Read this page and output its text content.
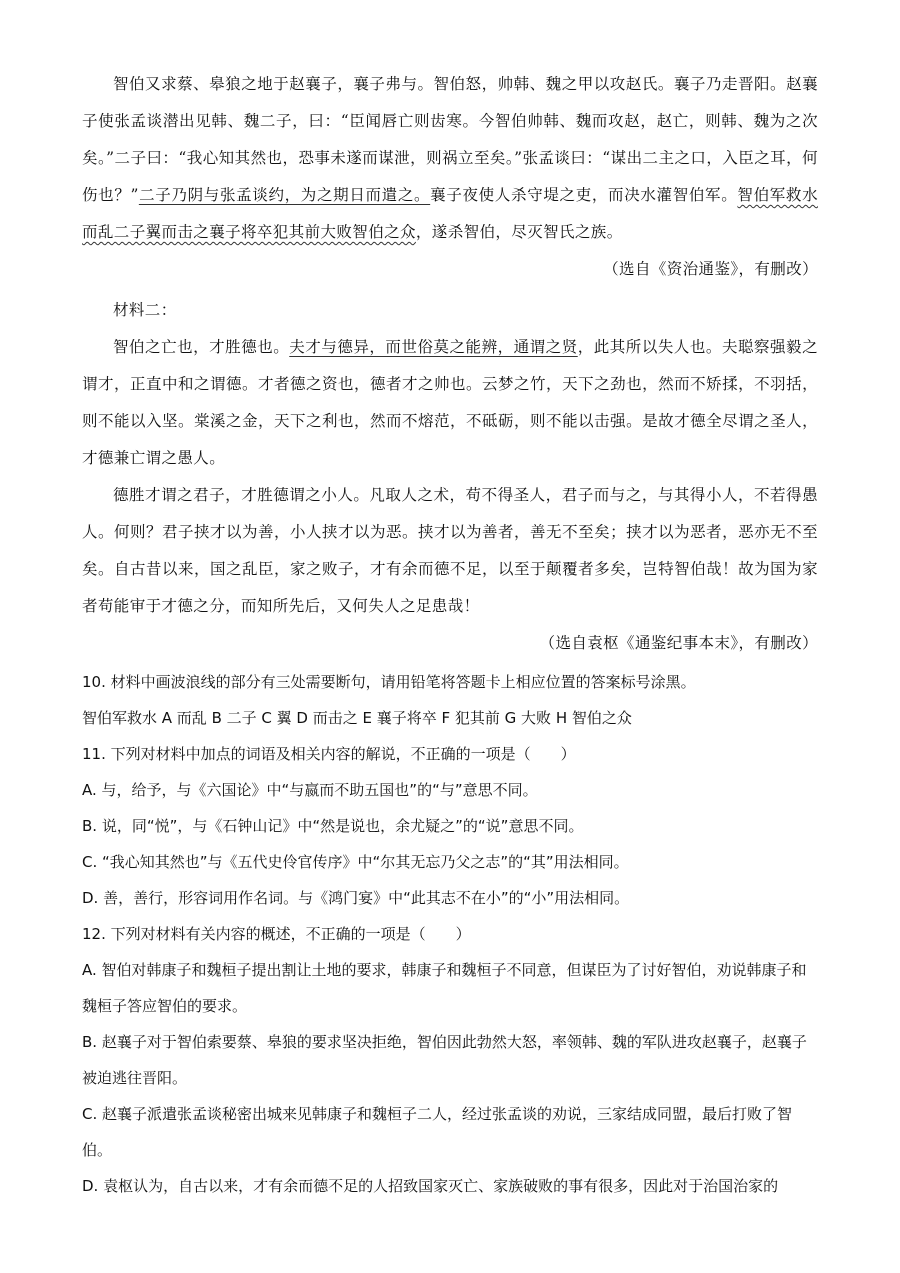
智伯又求蔡、皋狼之地于赵襄子，襄子弗与。智伯怒，帅韩、魏之甲以攻赵氏。襄子乃走晋阳。赵襄子使张孟谈潜出见韩、魏二子，曰：“臣闻唇亡则齿寒。今智伯帅韩、魏而攻赵，赵亡，则韩、魏为之次矣。”二子曰：“我心知其然也，恐事未遂而谋泄，则祸立至矣。”张孟谈曰：“谋出二主之口，入臣之耳，何伤也？”二子乃阴与张孟谈约，为之期日而遣之。襄子夜使人杀守堤之吏，而决水灌智伯军。智伯军救水而乱二子翼而击之襄子将卒犯其前大败智伯之众，遂杀智伯，尽灭智氏之族。

（选自《资治通鉴》，有删改）

材料二：

智伯之亡也，才胜德也。夫才与德异，而世俗莫之能辨，通谓之贤，此其所以失人也。夫聪察强毅之谓才，正直中和之谓德。才者德之资也，德者才之帅也。云梦之竹，天下之劲也，然而不矫揉，不羽括，则不能以入坚。棠溪之金，天下之利也，然而不熔范，不砥砺，则不能以击强。是故才德全尽谓之圣人，才德兼亡谓之愚人。

德胜才谓之君子，才胜德谓之小人。凡取人之术，苟不得圣人，君子而与之，与其得小人，不若得愚人。何则？君子挟才以为善，小人挟才以为恶。挟才以为善者，善无不至矣；挟才以为恶者，恶亦无不至矣。自古昔以来，国之乱臣，家之败子，才有余而德不足，以至于颠覆者多矣，岂特智伯哉！故为国为家者苟能审于才德之分，而知所先后，又何失人之足患哉！

（选自袁枢《通鉴纪事本末》，有删改）

10. 材料中画波浪线的部分有三处需要断句，请用铅笔将答题卡上相应位置的答案标号涂黑。

智伯军救水 A 而乱 B 二子 C 翼 D 而击之 E 襄子将卒 F 犯其前 G 大败 H 智伯之众

11. 下列对材料中加点的词语及相关内容的解说，不正确的一项是（　　）

A. 与，给予，与《六国论》中“与嬴而不助五国也”的“与”意思不同。

B. 说，同“悦”，与《石钟山记》中“然是说也，余尤疑之”的“说”意思不同。

C. “我心知其然也”与《五代史伶官传序》中“尔其无忘乃父之志”的“其”用法相同。

D. 善，善行，形容词用作名词。与《鸿门宴》中“此其志不在小”的“小”用法相同。

12. 下列对材料有关内容的概述，不正确的一项是（　　）

A. 智伯对韩康子和魏桓子提出割让土地的要求，韩康子和魏桓子不同意，但谋臣为了讨好智伯，劝说韩康子和魏桓子答应智伯的要求。

B. 赵襄子对于智伯索要蔡、皋狼的要求坚决拒绝，智伯因此勃然大怒，率领韩、魏的军队进攻赵襄子，赵襄子被迫逃往晋阳。

C. 赵襄子派遣张孟谈秘密出城来见韩康子和魏桓子二人，经过张孟谈的劝说，三家结成同盟，最后打败了智伯。

D. 袁枢认为，自古以来，才有余而德不足的人招致国家灭亡、家族破败的事有很多，因此对于治国治家的
